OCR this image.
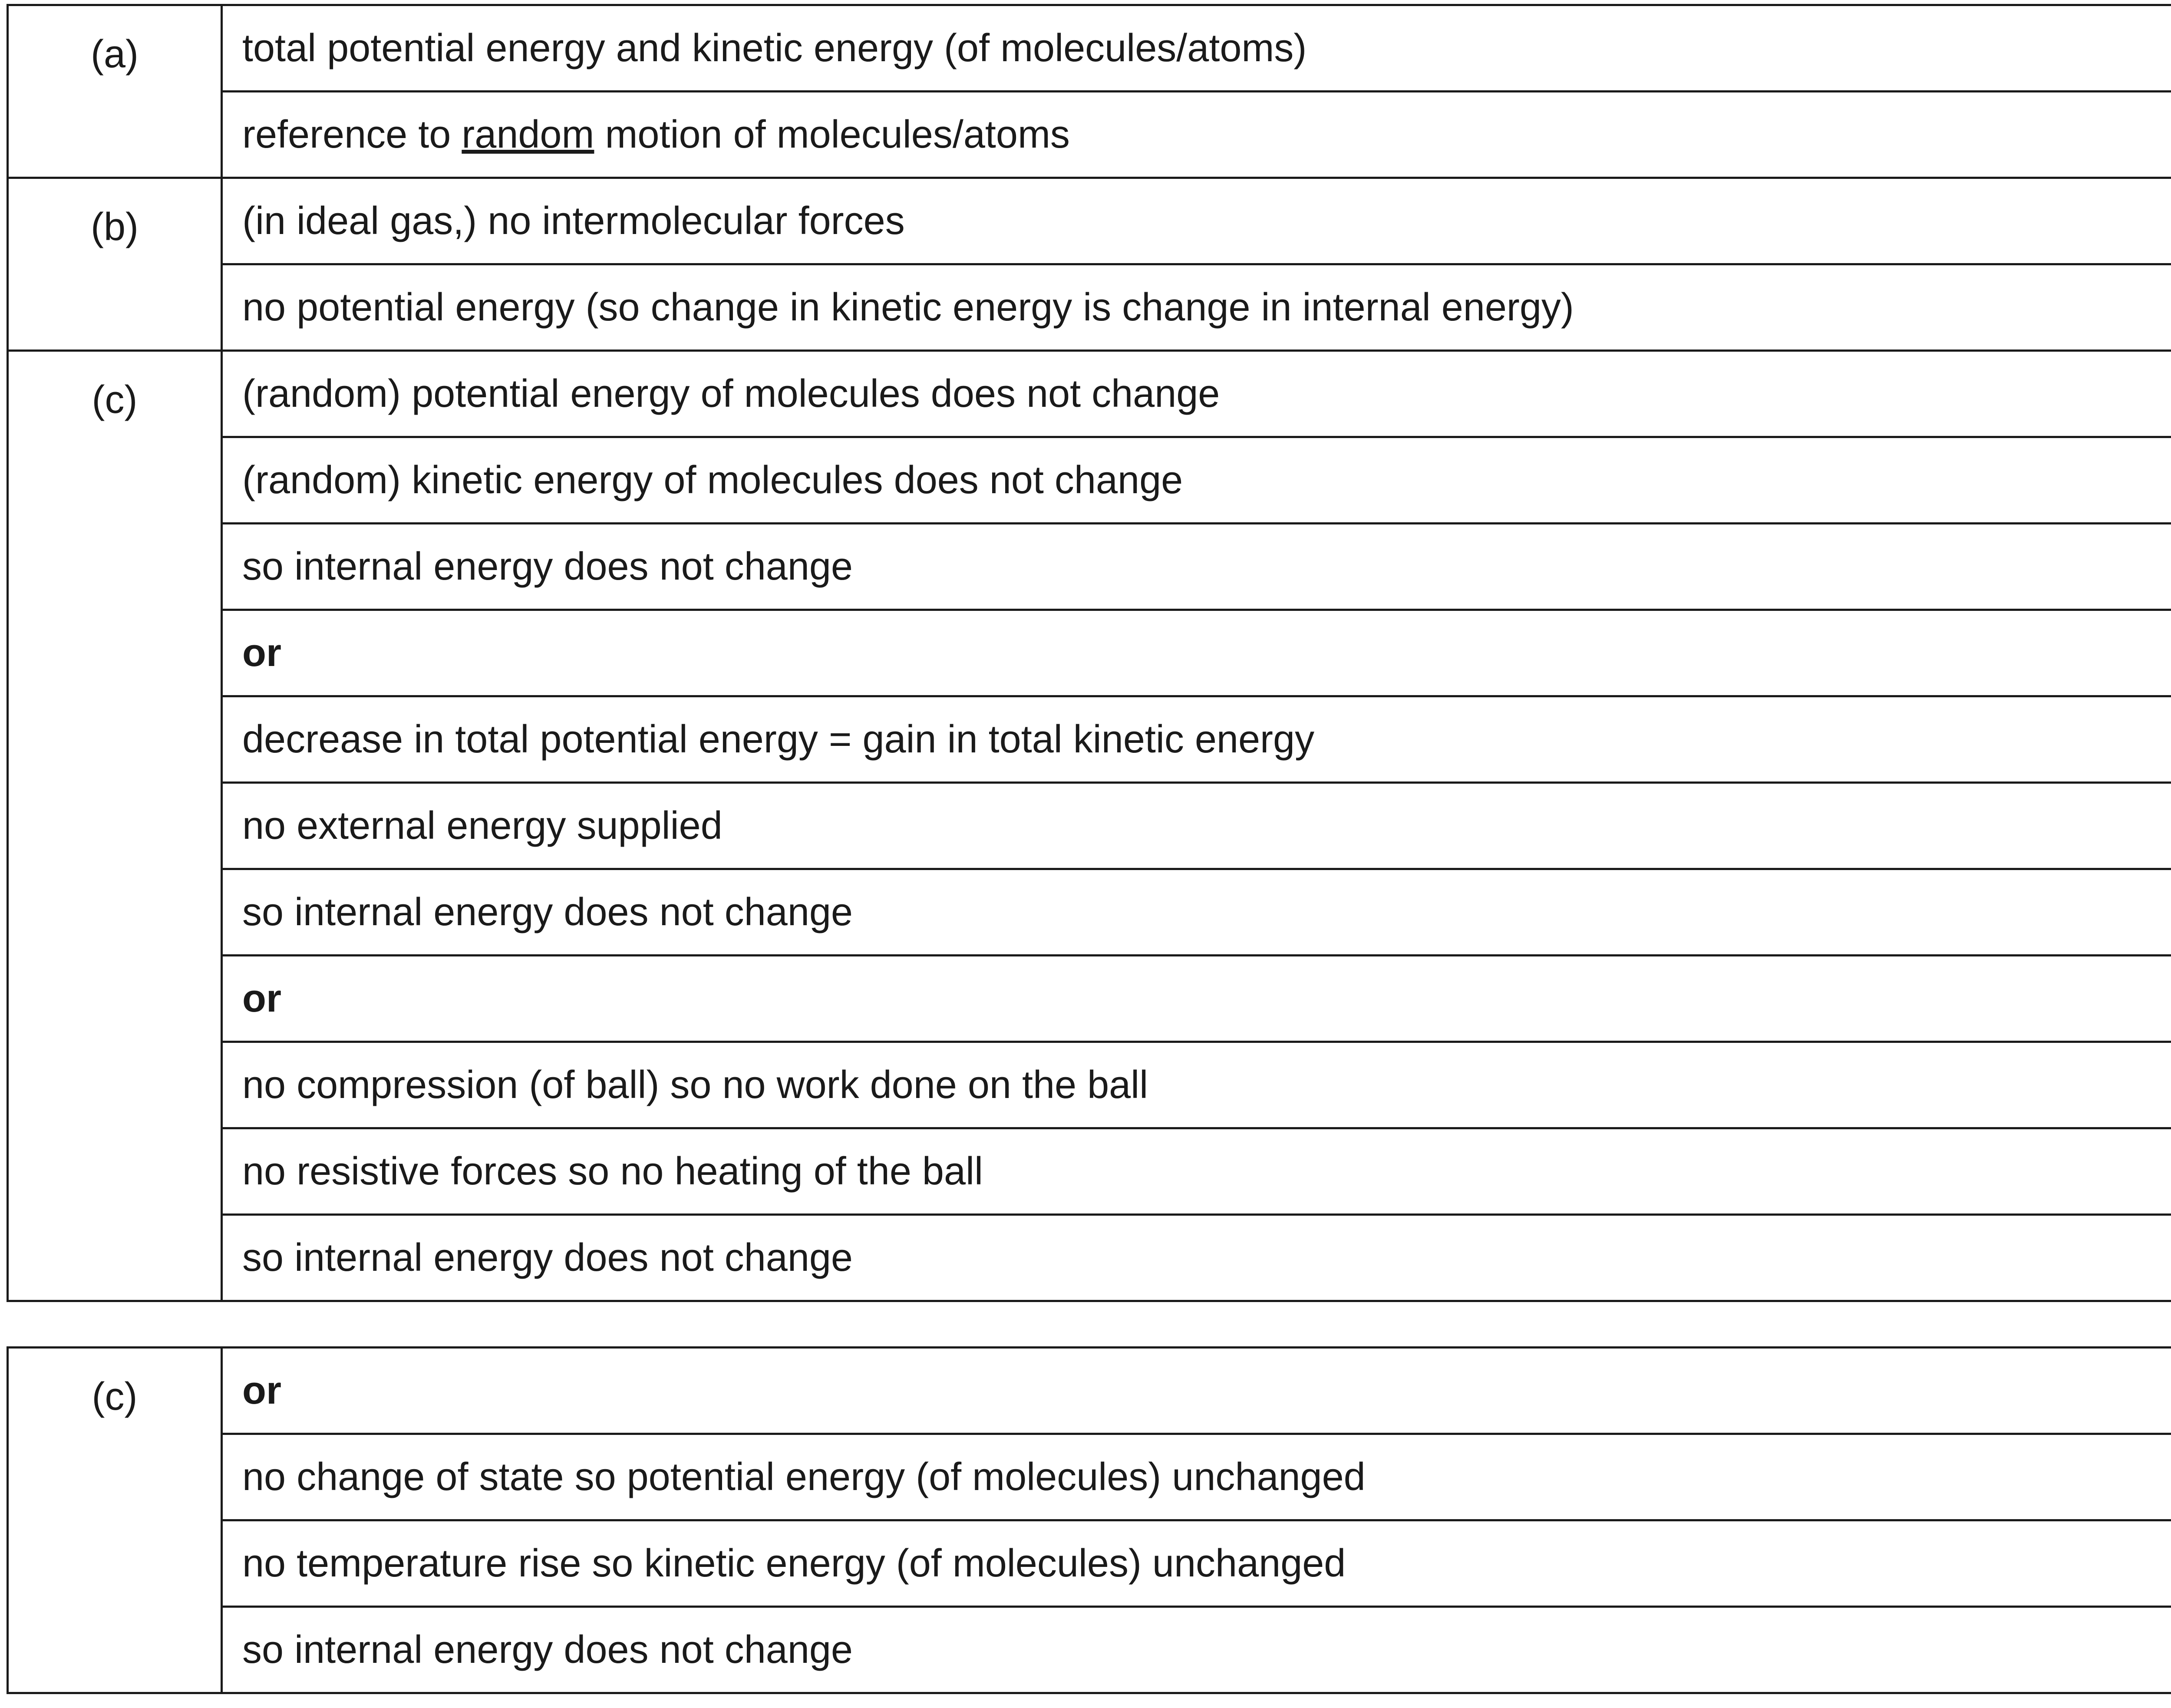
(a)	total potential energy and kinetic energy (of molecules/atoms)	
	reference to random motion of molecules/atoms	
(b)	(in ideal gas,) no intermolecular forces	
	no potential energy (so change in kinetic energy is change in internal energy)	
(c)	(random) potential energy of molecules does not change	
	(random) kinetic energy of molecules does not change	
	so internal energy does not change	
	or	
	decrease in total potential energy = gain in total kinetic energy	
	no external energy supplied	
	so internal energy does not change	
	or	
	no compression (of ball) so no work done on the ball	
	no resistive forces so no heating of the ball	
	so internal energy does not change	
(c)	or	
	no change of state so potential energy (of molecules) unchanged	
	no temperature rise so kinetic energy (of molecules) unchanged	
	so internal energy does not change	
